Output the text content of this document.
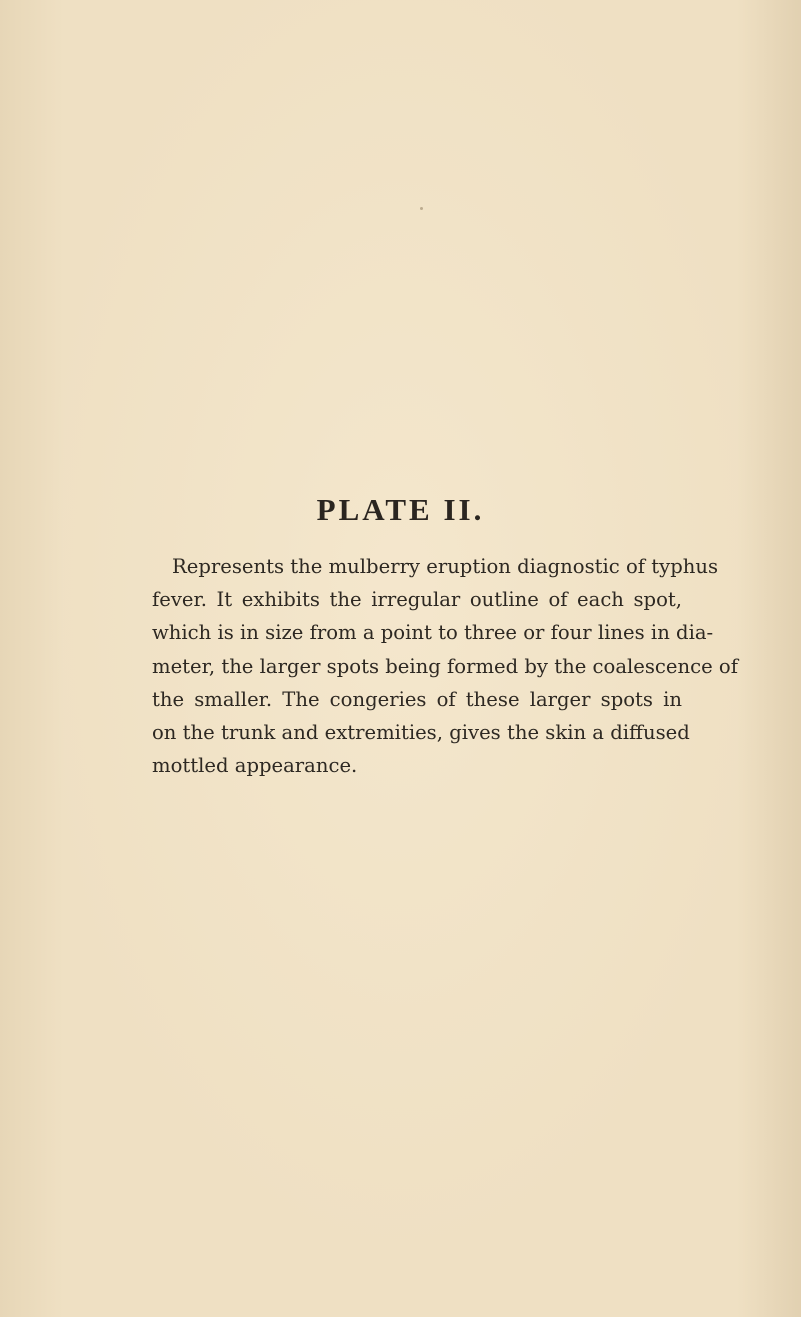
PLATE II.

Represents the mulberry eruption diagnostic of typhus
fever. It exhibits the irregular outline of each spot,
which is in size from a point to three or four lines in dia-
meter, the larger spots being formed by the coalescence of
the smaller. The congeries of these larger spots in
on the trunk and extremities, gives the skin a diffused
mottled appearance.
